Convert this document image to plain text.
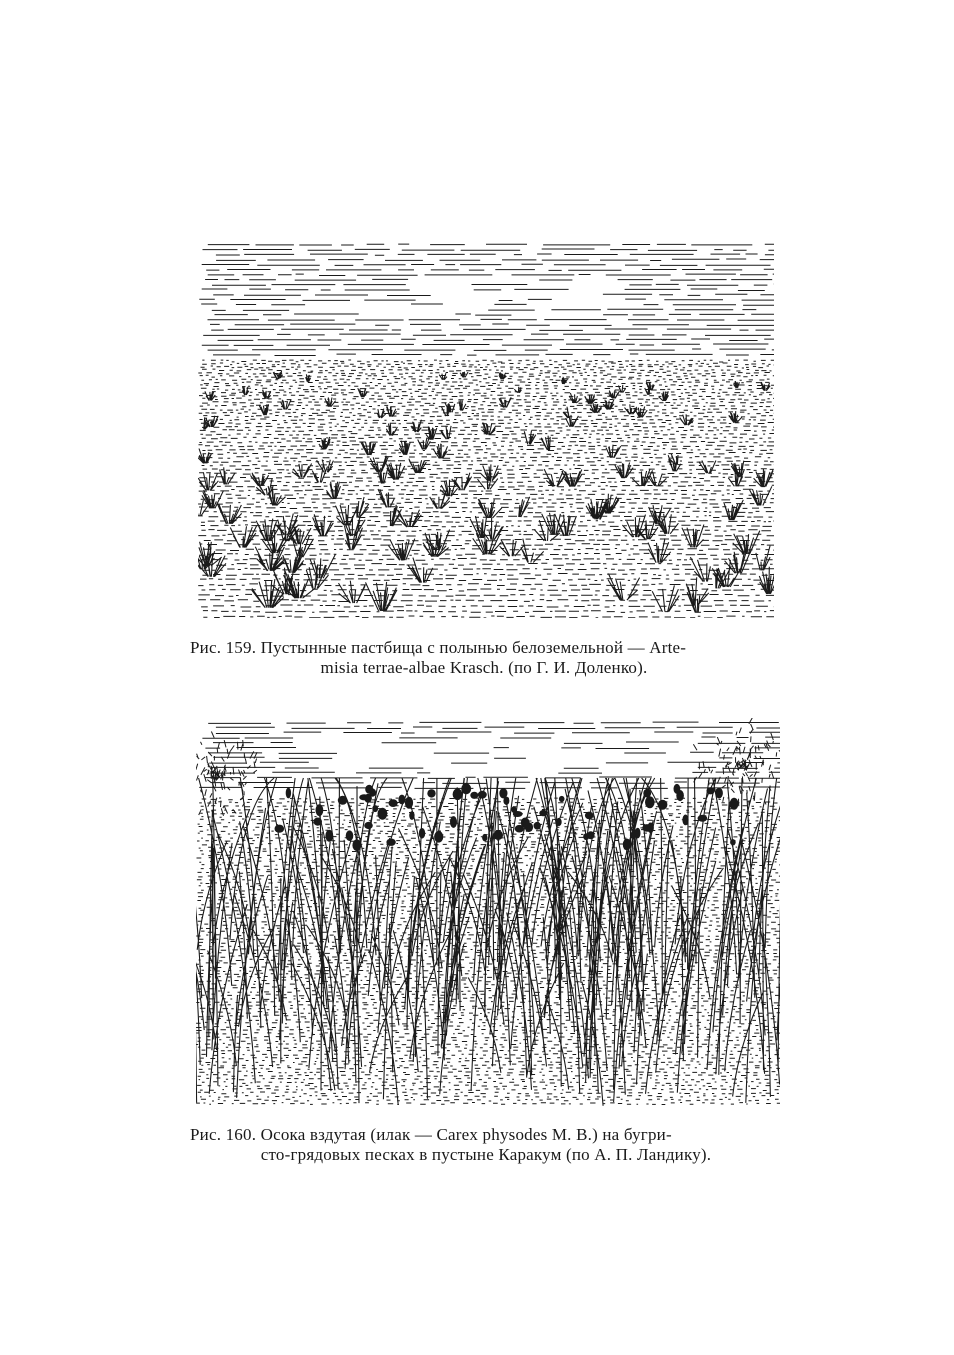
Рис. 159. Пустынные пастбища с полынью белоземельной — Arte-
misia terrae-albae Krasch. (по Г. И. Доленко).
Рис. 160. Осока вздутая (илак — Carex physodes M. B.) на бугри-
сто-грядовых песках в пустыне Каракум (по А. П. Ландику).
